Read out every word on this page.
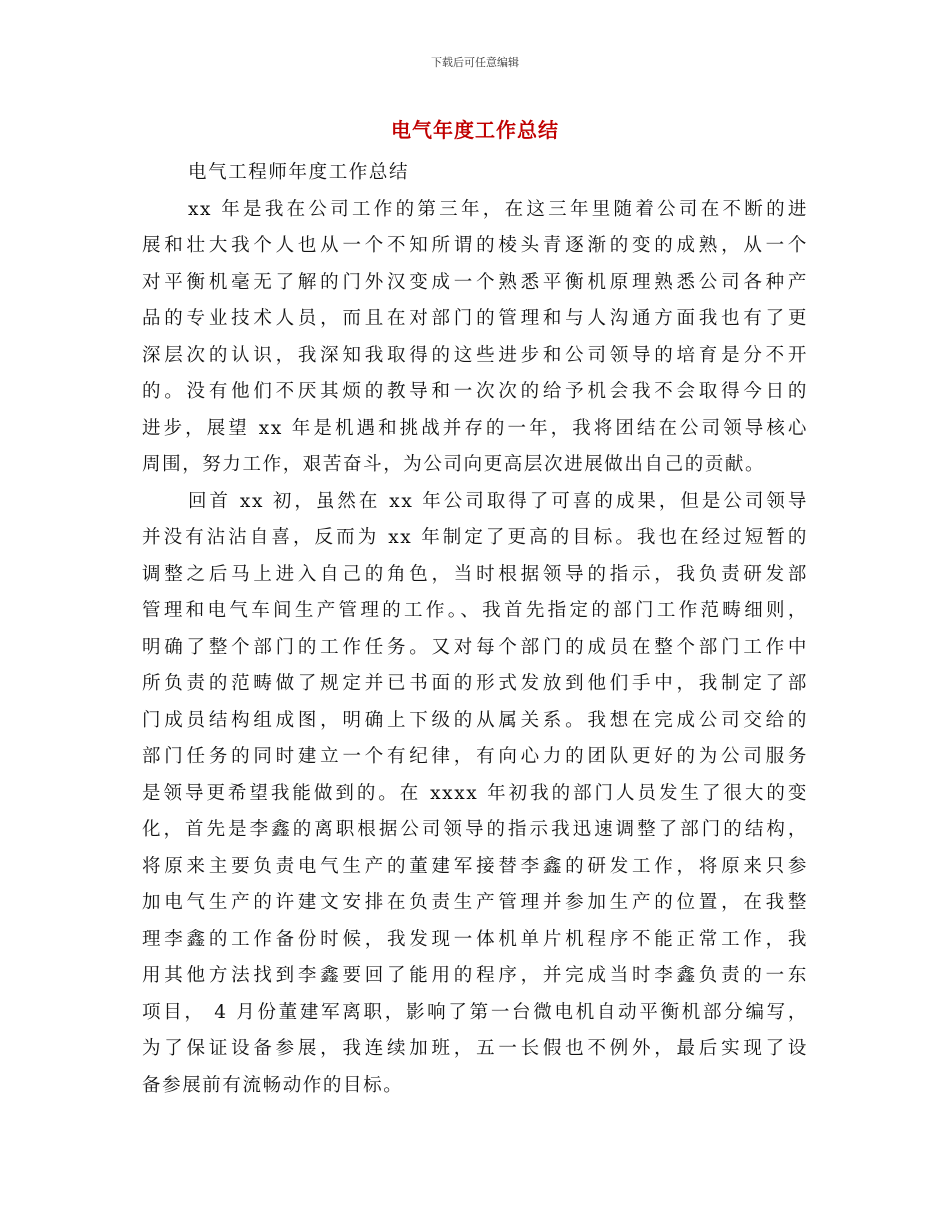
下载后可任意编辑
电气年度工作总结
电气工程师年度工作总结
xx 年是我在公司工作的第三年，在这三年里随着公司在不断的进
展和壮大我个人也从一个不知所谓的棱头青逐渐的变的成熟，从一个
对平衡机毫无了解的门外汉变成一个熟悉平衡机原理熟悉公司各种产
品的专业技术人员，而且在对部门的管理和与人沟通方面我也有了更
深层次的认识，我深知我取得的这些进步和公司领导的培育是分不开
的。没有他们不厌其烦的教导和一次次的给予机会我不会取得今日的
进步，展望 xx 年是机遇和挑战并存的一年，我将团结在公司领导核心
周围，努力工作，艰苦奋斗，为公司向更高层次进展做出自己的贡献。
回首 xx 初，虽然在 xx 年公司取得了可喜的成果，但是公司领导
并没有沾沾自喜，反而为 xx 年制定了更高的目标。我也在经过短暂的
调整之后马上进入自己的角色，当时根据领导的指示，我负责研发部
管理和电气车间生产管理的工作。、我首先指定的部门工作范畴细则，
明确了整个部门的工作任务。又对每个部门的成员在整个部门工作中
所负责的范畴做了规定并已书面的形式发放到他们手中，我制定了部
门成员结构组成图，明确上下级的从属关系。我想在完成公司交给的
部门任务的同时建立一个有纪律，有向心力的团队更好的为公司服务
是领导更希望我能做到的。在 xxxx 年初我的部门人员发生了很大的变
化，首先是李鑫的离职根据公司领导的指示我迅速调整了部门的结构，
将原来主要负责电气生产的董建军接替李鑫的研发工作，将原来只参
加电气生产的许建文安排在负责生产管理并参加生产的位置，在我整
理李鑫的工作备份时候，我发现一体机单片机程序不能正常工作，我
用其他方法找到李鑫要回了能用的程序，并完成当时李鑫负责的一东
项目， 4 月份董建军离职，影响了第一台微电机自动平衡机部分编写，
为了保证设备参展，我连续加班，五一长假也不例外，最后实现了设
备参展前有流畅动作的目标。
